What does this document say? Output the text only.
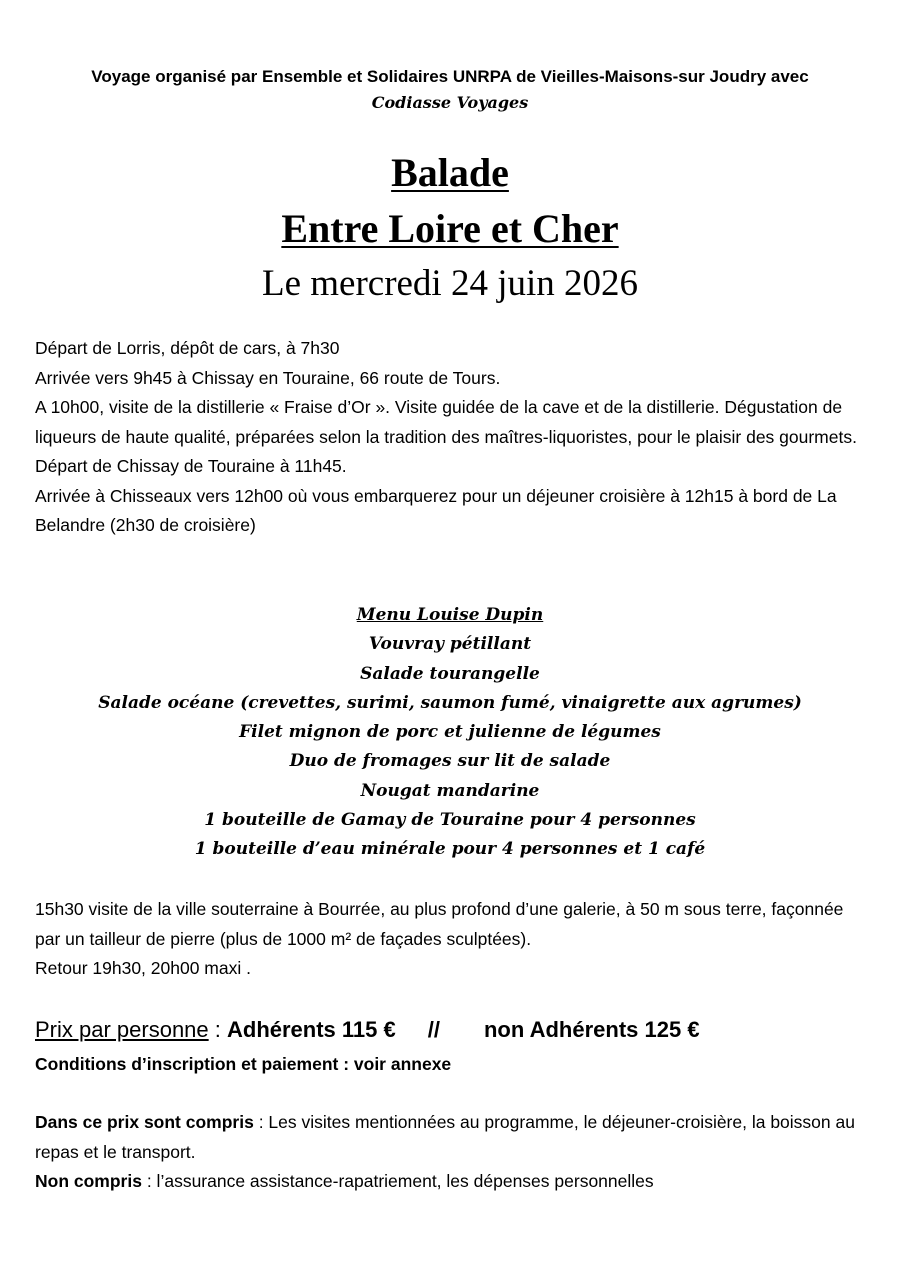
Voyage organisé par Ensemble et Solidaires UNRPA de Vieilles-Maisons-sur Joudry avec
Codiasse Voyages
Balade
Entre Loire et Cher
Le mercredi 24 juin 2026

Départ de Lorris, dépôt de cars, à 7h30

Arrivée vers 9h45 à Chissay en Touraine, 66 route de Tours.

A 10h00, visite de la distillerie « Fraise d’Or ». Visite guidée de la cave et de la distillerie. Dégustation de liqueurs de haute qualité, préparées selon la tradition des maîtres-liquoristes, pour le plaisir des gourmets.

Départ de Chissay de Touraine à 11h45.

Arrivée à Chisseaux vers 12h00 où vous embarquerez pour un déjeuner croisière à 12h15 à bord de La Belandre (2h30 de croisière)

Menu Louise Dupin
Vouvray pétillant
Salade tourangelle
Salade océane (crevettes, surimi, saumon fumé, vinaigrette aux agrumes)
Filet mignon de porc et julienne de légumes
Duo de fromages sur lit de salade
Nougat mandarine
1 bouteille de Gamay de Touraine pour 4 personnes
1 bouteille d’eau minérale pour 4 personnes et 1 café

15h30 visite de la ville souterraine à Bourrée, au plus profond d’une galerie, à 50 m sous terre, façonnée par un tailleur de pierre (plus de 1000 m² de façades sculptées).

Retour 19h30, 20h00 maxi .

Prix par personne : Adhérents 115 € // non Adhérents 125 €
Conditions d’inscription et paiement : voir annexe

Dans ce prix sont compris : Les visites mentionnées au programme, le déjeuner-croisière, la boisson au repas et le transport.

Non compris : l’assurance assistance-rapatriement, les dépenses personnelles
